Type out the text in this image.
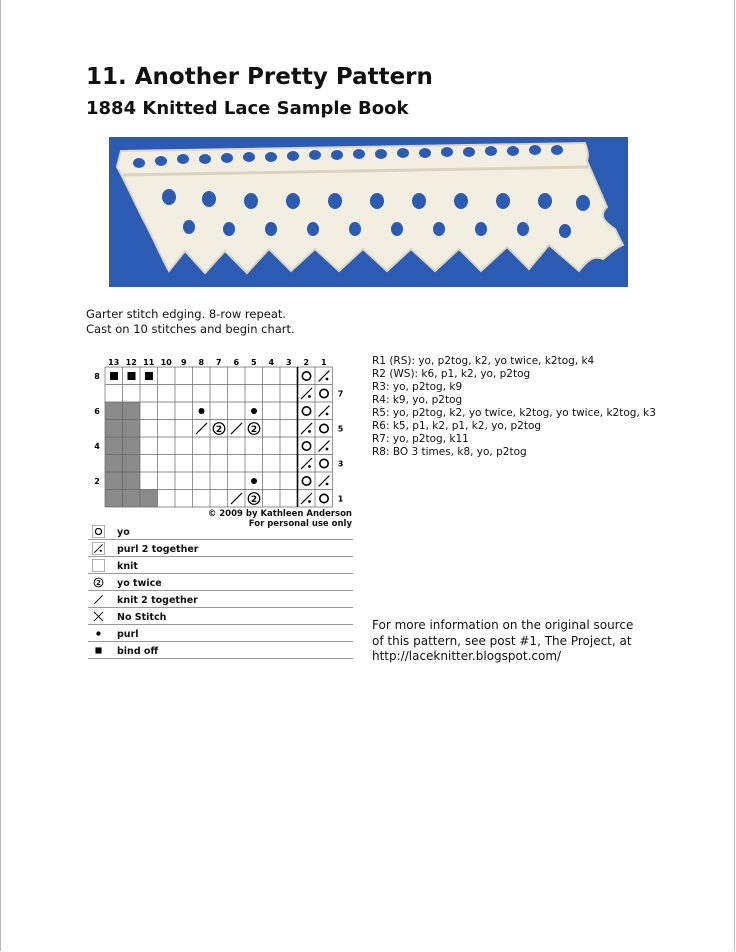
11. Another Pretty Pattern
1884 Knitted Lace Sample Book
Garter stitch edging. 8-row repeat.
Cast on 10 stitches and begin chart.
2 13 12 11 10 9 8 7 6 5 4 3 2 1
8
6
4
2
7
5
3
1
© 2009 by Kathleen Anderson
For personal use only
yo
purl 2 together
knit
2 yo twice
knit 2 together
No Stitch
purl
bind off
R1 (RS): yo, p2tog, k2, yo twice, k2tog, k4
R2 (WS): k6, p1, k2, yo, p2tog
R3: yo, p2tog, k9
R4: k9, yo, p2tog
R5: yo, p2tog, k2, yo twice, k2tog, yo twice, k2tog, k3
R6: k5, p1, k2, p1, k2, yo, p2tog
R7: yo, p2tog, k11
R8: BO 3 times, k8, yo, p2tog
For more information on the original source
of this pattern, see post #1, The Project, at
http://laceknitter.blogspot.com/
